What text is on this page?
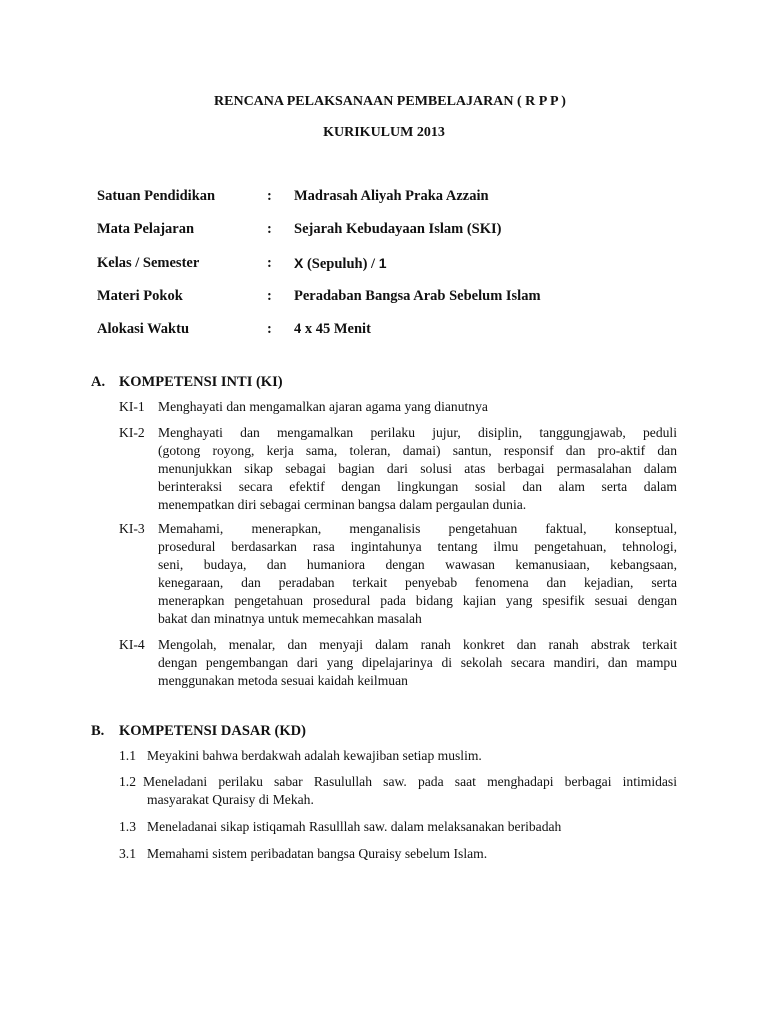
RENCANA PELAKSANAAN PEMBELAJARAN ( R P P )
KURIKULUM 2013
Satuan Pendidikan	: Madrasah Aliyah Praka Azzain
Mata Pelajaran	: Sejarah Kebudayaan Islam (SKI)
Kelas / Semester	: X (Sepuluh) / 1
Materi Pokok	: Peradaban Bangsa Arab Sebelum Islam
Alokasi Waktu	: 4 x 45 Menit
A. KOMPETENSI INTI (KI)
KI-1 Menghayati dan mengamalkan ajaran agama yang dianutnya
KI-2 Menghayati dan mengamalkan perilaku jujur, disiplin, tanggungjawab, peduli
(gotong royong, kerja sama, toleran, damai) santun, responsif dan pro-aktif dan
menunjukkan sikap sebagai bagian dari solusi atas berbagai permasalahan dalam
berinteraksi secara efektif dengan lingkungan sosial dan alam serta dalam
menempatkan diri sebagai cerminan bangsa dalam pergaulan dunia.
KI-3 Memahami, menerapkan, menganalisis pengetahuan faktual, konseptual,
prosedural berdasarkan rasa ingintahunya tentang ilmu pengetahuan, tehnologi,
seni, budaya, dan humaniora dengan wawasan kemanusiaan, kebangsaan,
kenegaraan, dan peradaban terkait penyebab fenomena dan kejadian, serta
menerapkan pengetahuan prosedural pada bidang kajian yang spesifik sesuai dengan
bakat dan minatnya untuk memecahkan masalah
KI-4 Mengolah, menalar, dan menyaji dalam ranah konkret dan ranah abstrak terkait
dengan pengembangan dari yang dipelajarinya di sekolah secara mandiri, dan mampu
menggunakan metoda sesuai kaidah keilmuan
B. KOMPETENSI DASAR (KD)
1.1 Meyakini bahwa berdakwah adalah kewajiban setiap muslim.
1.2 Meneladani perilaku sabar Rasulullah saw. pada saat menghadapi berbagai intimidasi
masyarakat Quraisy di Mekah.
1.3 Meneladanai sikap istiqamah Rasulllah saw. dalam melaksanakan beribadah
3.1 Memahami sistem peribadatan bangsa Quraisy sebelum Islam.
